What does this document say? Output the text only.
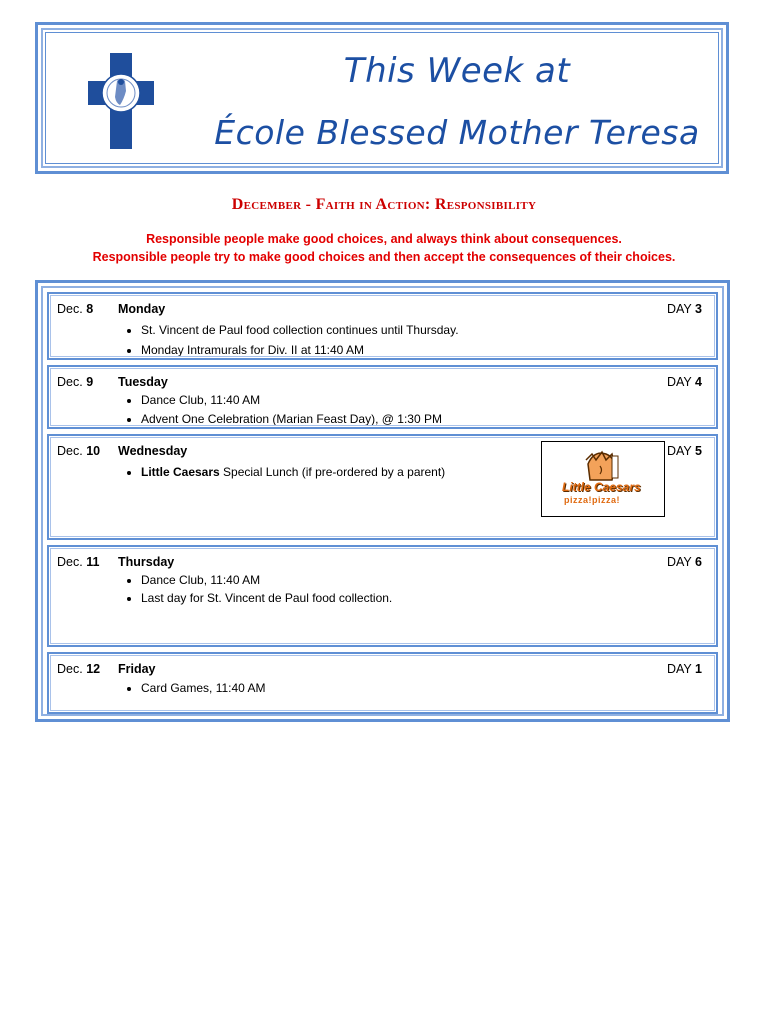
This Week at
École Blessed Mother Teresa
December - Faith in Action: Responsibility
Responsible people make good choices, and always think about consequences.
Responsible people try to make good choices and then accept the consequences of their choices.
Dec. 8 Monday	DAY 3
• St. Vincent de Paul food collection continues until Thursday.
• Monday Intramurals for Div. II at 11:40 AM
Dec. 9 Tuesday	DAY 4
• Dance Club, 11:40 AM
• Advent One Celebration (Marian Feast Day), @ 1:30 PM
Dec. 10 Wednesday	DAY 5
• Little Caesars Special Lunch (if pre-ordered by a parent)
Little Caesars
pizza!pizza!
Dec. 11 Thursday	DAY 6
• Dance Club, 11:40 AM
• Last day for St. Vincent de Paul food collection.
Dec. 12 Friday	DAY 1
• Card Games, 11:40 AM
